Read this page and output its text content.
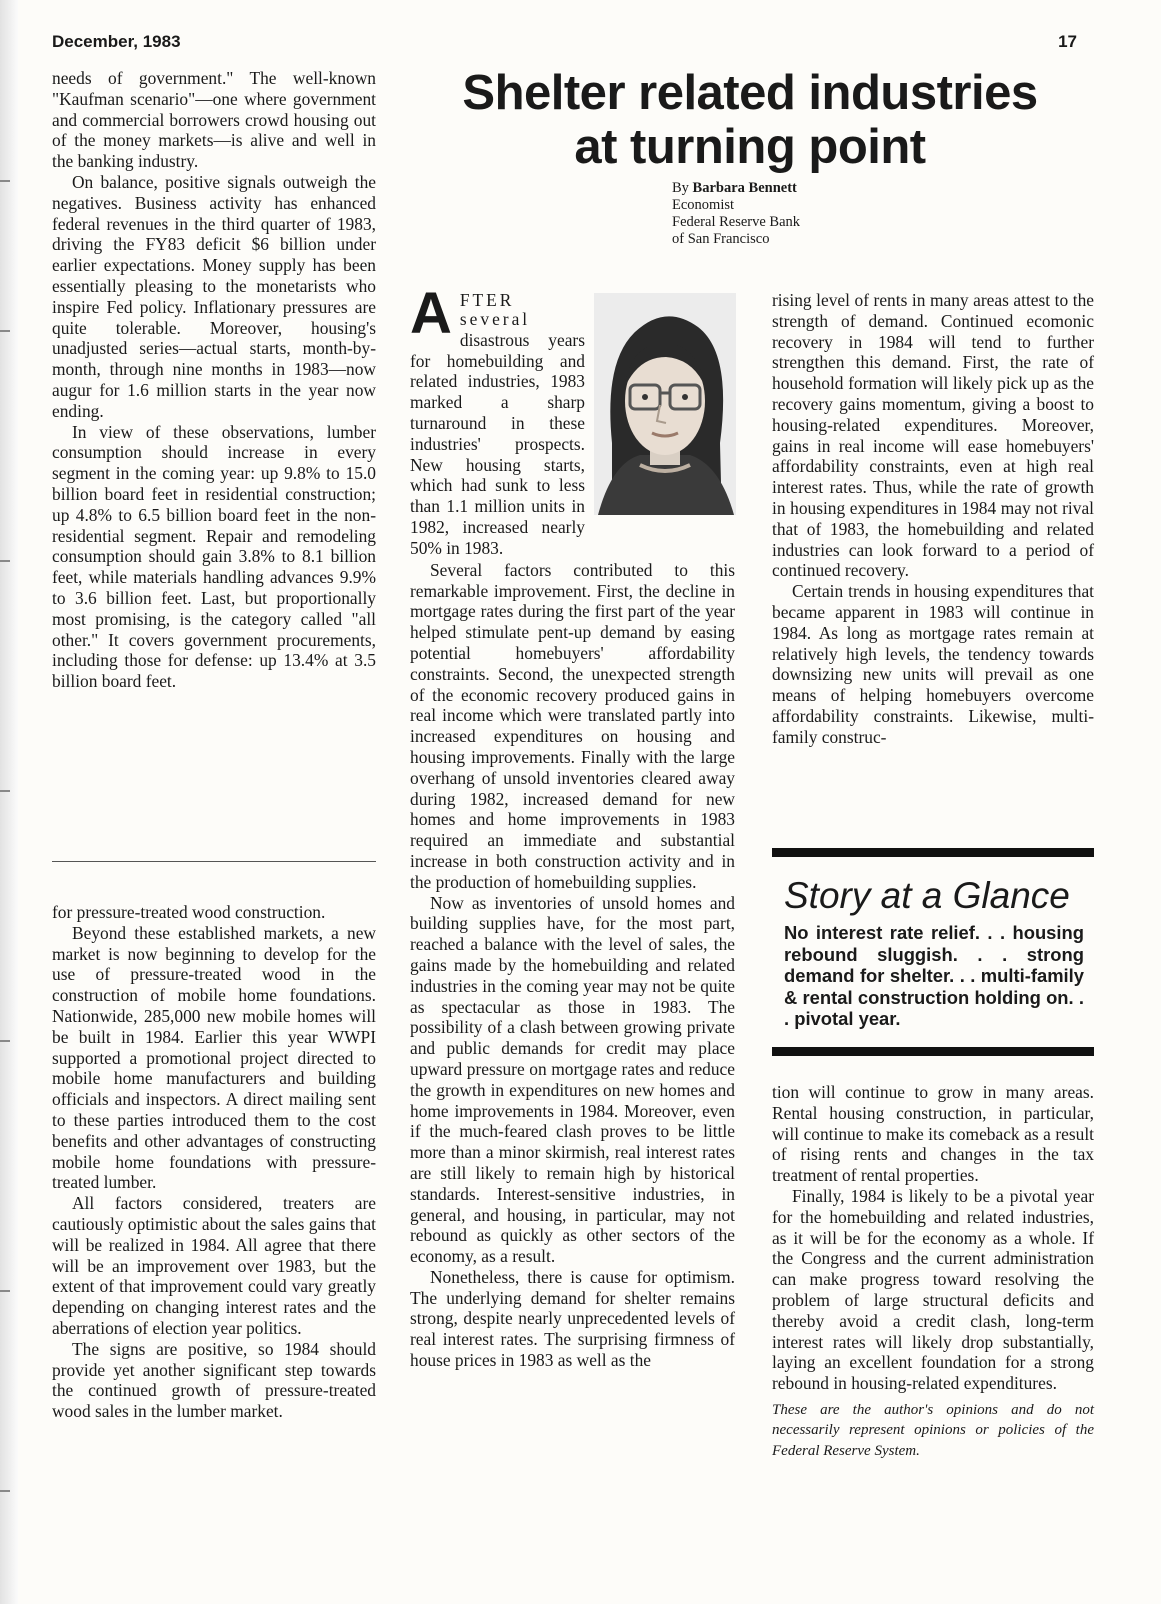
December, 1983	17

needs of government." The well-known "Kaufman scenario"—one where government and commercial borrowers crowd housing out of the money markets—is alive and well in the banking industry.

On balance, positive signals outweigh the negatives. Business activity has enhanced federal revenues in the third quarter of 1983, driving the FY83 deficit $6 billion under earlier expectations. Money supply has been essentially pleasing to the monetarists who inspire Fed policy. Inflationary pressures are quite tolerable. Moreover, housing's unadjusted series—actual starts, month-by-month, through nine months in 1983—now augur for 1.6 million starts in the year now ending.

In view of these observations, lumber consumption should increase in every segment in the coming year: up 9.8% to 15.0 billion board feet in residential construction; up 4.8% to 6.5 billion board feet in the non-residential segment. Repair and remodeling consumption should gain 3.8% to 8.1 billion feet, while materials handling advances 9.9% to 3.6 billion feet. Last, but proportionally most promising, is the category called "all other." It covers government procurements, including those for defense: up 13.4% at 3.5 billion board feet.

for pressure-treated wood construction.

Beyond these established markets, a new market is now beginning to develop for the use of pressure-treated wood in the construction of mobile home foundations. Nationwide, 285,000 new mobile homes will be built in 1984. Earlier this year WWPI supported a promotional project directed to mobile home manufacturers and building officials and inspectors. A direct mailing sent to these parties introduced them to the cost benefits and other advantages of constructing mobile home foundations with pressure-treated lumber.

All factors considered, treaters are cautiously optimistic about the sales gains that will be realized in 1984. All agree that there will be an improvement over 1983, but the extent of that improvement could vary greatly depending on changing interest rates and the aberrations of election year politics.

The signs are positive, so 1984 should provide yet another significant step towards the continued growth of pressure-treated wood sales in the lumber market.

Shelter related industries
at turning point
By Barbara Bennett
Economist
Federal Reserve Bank
of San Francisco

A FTER
several
disastrous years for homebuilding and related industries, 1983 marked a sharp turnaround in these industries' prospects. New housing starts, which had sunk to less than 1.1 million units in 1982, increased nearly 50% in 1983.

Several factors contributed to this remarkable improvement. First, the decline in mortgage rates during the first part of the year helped stimulate pent-up demand by easing potential homebuyers' affordability constraints. Second, the unexpected strength of the economic recovery produced gains in real income which were translated partly into increased expenditures on housing and housing improvements. Finally with the large overhang of unsold inventories cleared away during 1982, increased demand for new homes and home improvements in 1983 required an immediate and substantial increase in both construction activity and in the production of homebuilding supplies.

Now as inventories of unsold homes and building supplies have, for the most part, reached a balance with the level of sales, the gains made by the homebuilding and related industries in the coming year may not be quite as spectacular as those in 1983. The possibility of a clash between growing private and public demands for credit may place upward pressure on mortgage rates and reduce the growth in expenditures on new homes and home improvements in 1984. Moreover, even if the much-feared clash proves to be little more than a minor skirmish, real interest rates are still likely to remain high by historical standards. Interest-sensitive industries, in general, and housing, in particular, may not rebound as quickly as other sectors of the economy, as a result.

Nonetheless, there is cause for optimism. The underlying demand for shelter remains strong, despite nearly unprecedented levels of real interest rates. The surprising firmness of house prices in 1983 as well as the

rising level of rents in many areas attest to the strength of demand. Continued ecomonic recovery in 1984 will tend to further strengthen this demand. First, the rate of household formation will likely pick up as the recovery gains momentum, giving a boost to housing-related expenditures. Moreover, gains in real income will ease homebuyers' affordability constraints, even at high real interest rates. Thus, while the rate of growth in housing expenditures in 1984 may not rival that of 1983, the homebuilding and related industries can look forward to a period of continued recovery.

Certain trends in housing expenditures that became apparent in 1983 will continue in 1984. As long as mortgage rates remain at relatively high levels, the tendency towards downsizing new units will prevail as one means of helping homebuyers overcome affordability constraints. Likewise, multi-family construc-

Story at a Glance
No interest rate relief. . . housing rebound sluggish. . . strong demand for shelter. . . multi-family & rental construction holding on. . . pivotal year.

tion will continue to grow in many areas. Rental housing construction, in particular, will continue to make its comeback as a result of rising rents and changes in the tax treatment of rental properties.

Finally, 1984 is likely to be a pivotal year for the homebuilding and related industries, as it will be for the economy as a whole. If the Congress and the current administration can make progress toward resolving the problem of large structural deficits and thereby avoid a credit clash, long-term interest rates will likely drop substantially, laying an excellent foundation for a strong rebound in housing-related expenditures.

These are the author's opinions and do not necessarily represent opinions or policies of the Federal Reserve System.
